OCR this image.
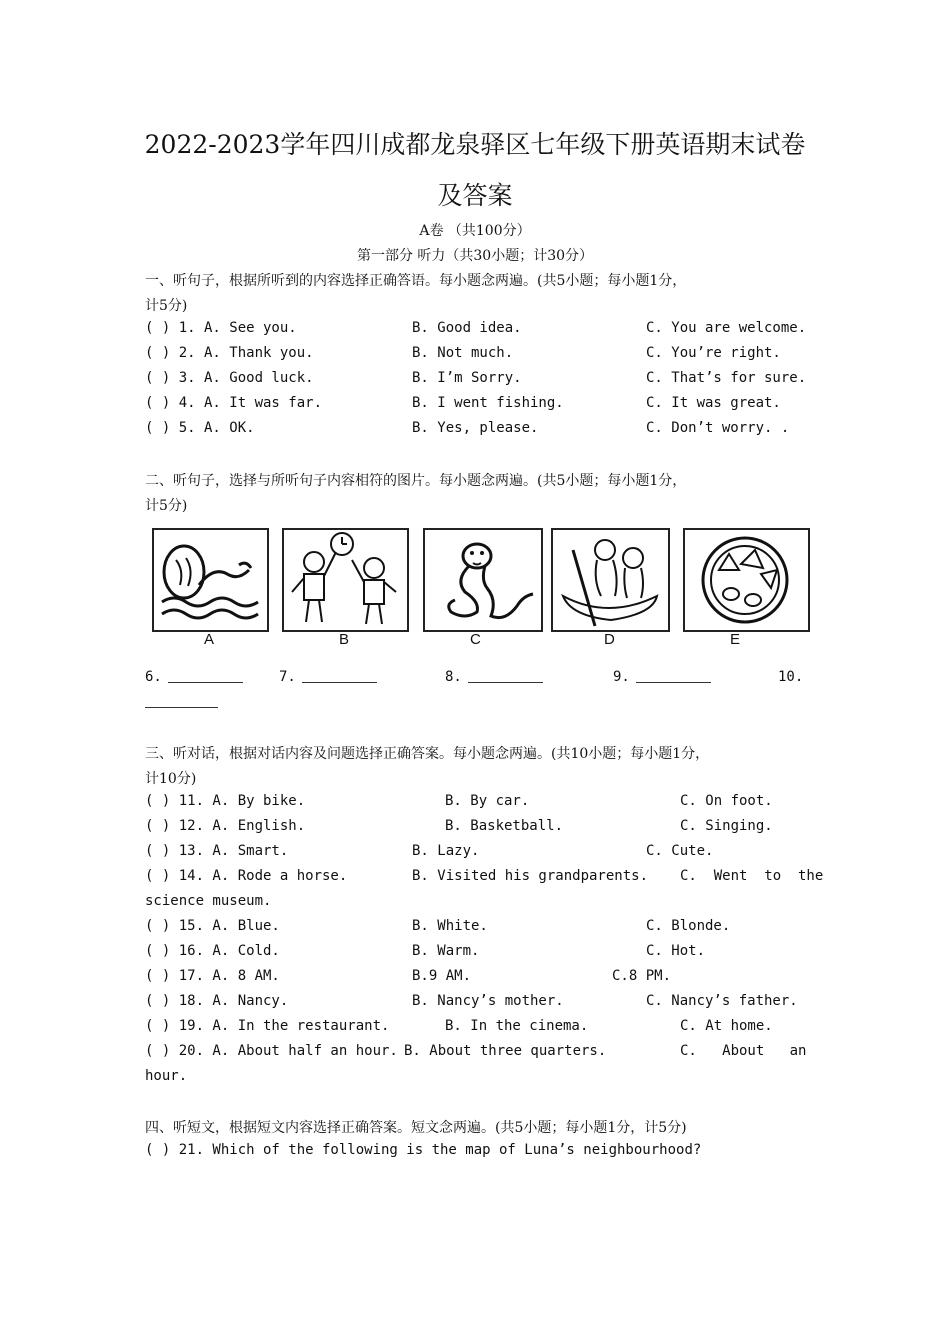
2022-2023学年四川成都龙泉驿区七年级下册英语期末试卷
及答案
A卷 （共100分）
第一部分 听力（共30小题；计30分）
一、听句子，根据所听到的内容选择正确答语。每小题念两遍。(共5小题；每小题1分，
计5分)
( ) 1. A. See you.	B. Good idea.	C. You are welcome.
( ) 2. A. Thank you.	B. Not much.	C. You’re right.
( ) 3. A. Good luck.	B. I’m Sorry.	C. That’s for sure.
( ) 4. A. It was far.	B. I went fishing.	C. It was great.
( ) 5. A. OK.	B. Yes, please.	C. Don’t worry. .
二、听句子，选择与所听句子内容相符的图片。每小题念两遍。(共5小题；每小题1分，
计5分)
A	B	C	D	E
6.	7.	8.	9.	10.
三、听对话，根据对话内容及问题选择正确答案。每小题念两遍。(共10小题；每小题1分，
计10分)
( ) 11. A. By bike.	B. By car.	C. On foot.
( ) 12. A. English.	B. Basketball.	C. Singing.
( ) 13. A. Smart.	B. Lazy.	C. Cute.
( ) 14. A. Rode a horse.	B. Visited his grandparents. C.  Went  to  the
science museum.
( ) 15. A. Blue.	B. White.	C. Blonde.
( ) 16. A. Cold.	B. Warm.	C. Hot.
( ) 17. A. 8 AM.	B.9 AM.	C.8 PM.
( ) 18. A. Nancy.	B. Nancy’s mother.	C. Nancy’s father.
( ) 19. A. In the restaurant.	B. In the cinema.	C. At home.
( ) 20. A. About half an hour. B. About three quarters.	C.   About   an
hour.
四、听短文，根据短文内容选择正确答案。短文念两遍。(共5小题；每小题1分，计5分)
( ) 21. Which of the following is the map of Luna’s neighbourhood?
